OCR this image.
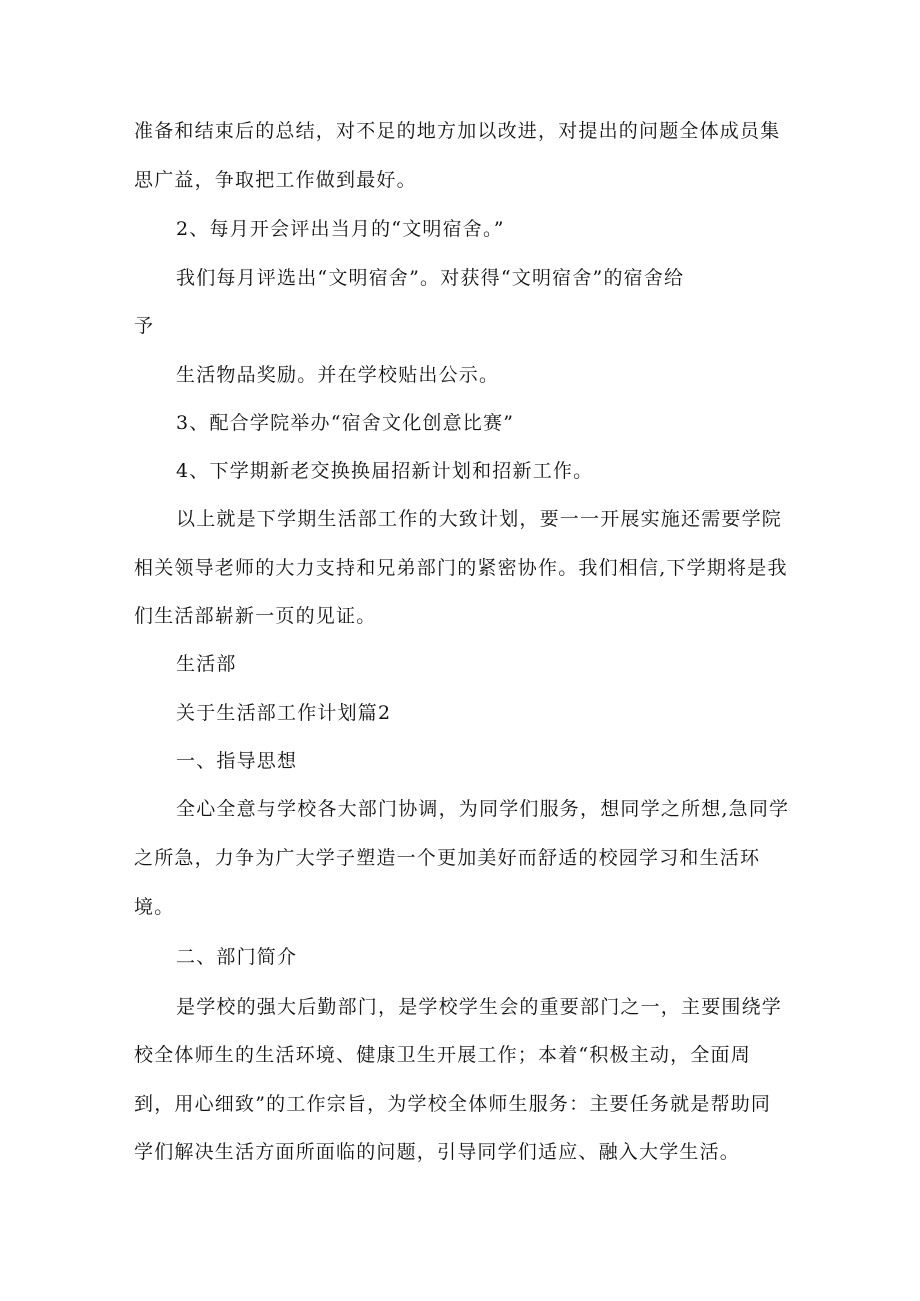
准备和结束后的总结，对不足的地方加以改进，对提出的问题全体成员集
思广益，争取把工作做到最好。
2、每月开会评出当月的“文明宿舍。”
我们每月评选出“文明宿舍”。对获得“文明宿舍”的宿舍给
予
生活物品奖励。并在学校贴出公示。
3、配合学院举办“宿舍文化创意比赛”
4、下学期新老交换换届招新计划和招新工作。
以上就是下学期生活部工作的大致计划，要一一开展实施还需要学院
相关领导老师的大力支持和兄弟部门的紧密协作。我们相信,下学期将是我
们生活部崭新一页的见证。
生活部
关于生活部工作计划篇2
一、指导思想
全心全意与学校各大部门协调，为同学们服务，想同学之所想,急同学
之所急，力争为广大学子塑造一个更加美好而舒适的校园学习和生活环
境。
二、部门简介
是学校的强大后勤部门，是学校学生会的重要部门之一，主要围绕学
校全体师生的生活环境、健康卫生开展工作；本着“积极主动，全面周
到，用心细致”的工作宗旨，为学校全体师生服务：主要任务就是帮助同
学们解决生活方面所面临的问题，引导同学们适应、融入大学生活。
